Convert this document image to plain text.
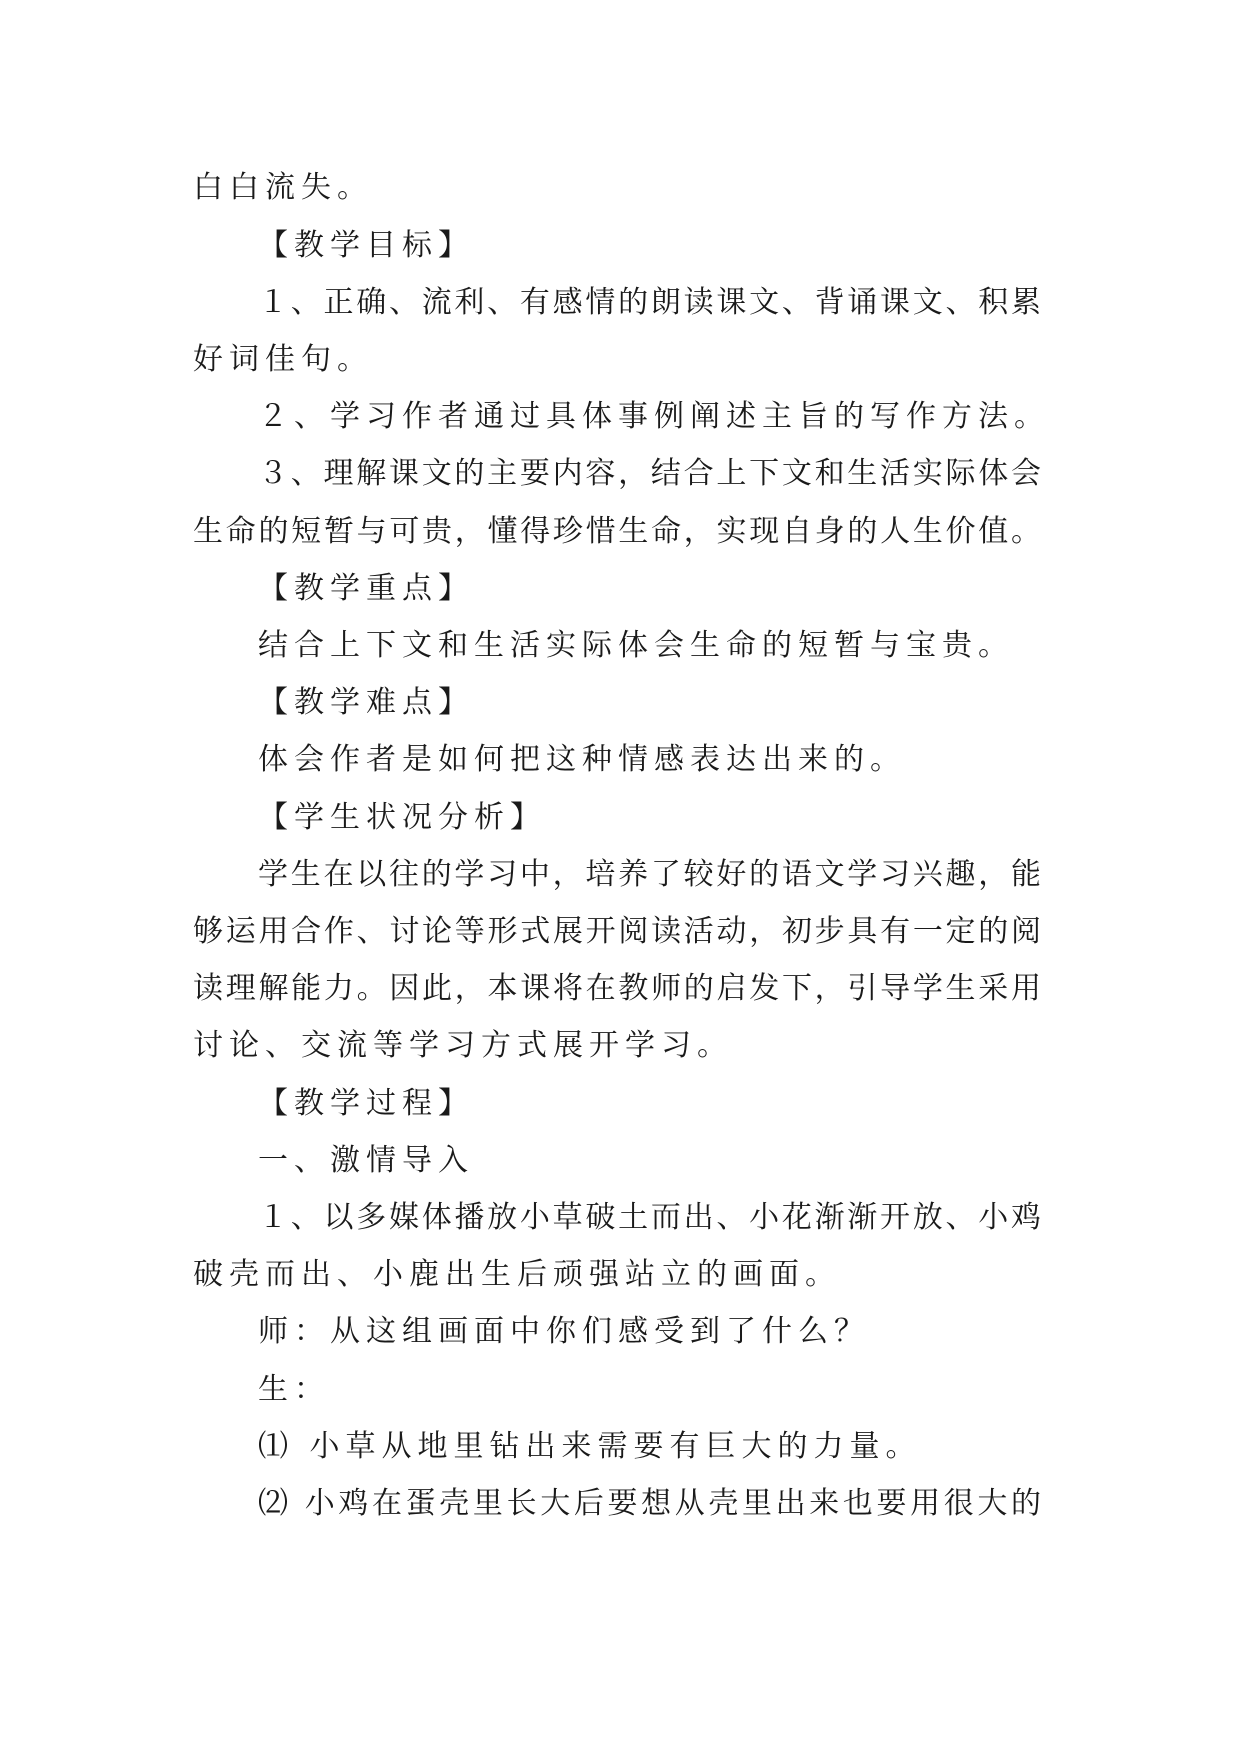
白白流失。
【教学目标】
１、正确、流利、有感情的朗读课文、背诵课文、积累
好词佳句。
２、学习作者通过具体事例阐述主旨的写作方法。
３、理解课文的主要内容，结合上下文和生活实际体会
生命的短暂与可贵，懂得珍惜生命，实现自身的人生价值。
【教学重点】
结合上下文和生活实际体会生命的短暂与宝贵。
【教学难点】
体会作者是如何把这种情感表达出来的。
【学生状况分析】
学生在以往的学习中，培养了较好的语文学习兴趣，能
够运用合作、讨论等形式展开阅读活动，初步具有一定的阅
读理解能力。因此，本课将在教师的启发下，引导学生采用
讨论、交流等学习方式展开学习。
【教学过程】
一、激情导入
１、以多媒体播放小草破土而出、小花渐渐开放、小鸡
破壳而出、小鹿出生后顽强站立的画面。
师：从这组画面中你们感受到了什么？
生：
⑴ 小草从地里钻出来需要有巨大的力量。
⑵ 小鸡在蛋壳里长大后要想从壳里出来也要用很大的
